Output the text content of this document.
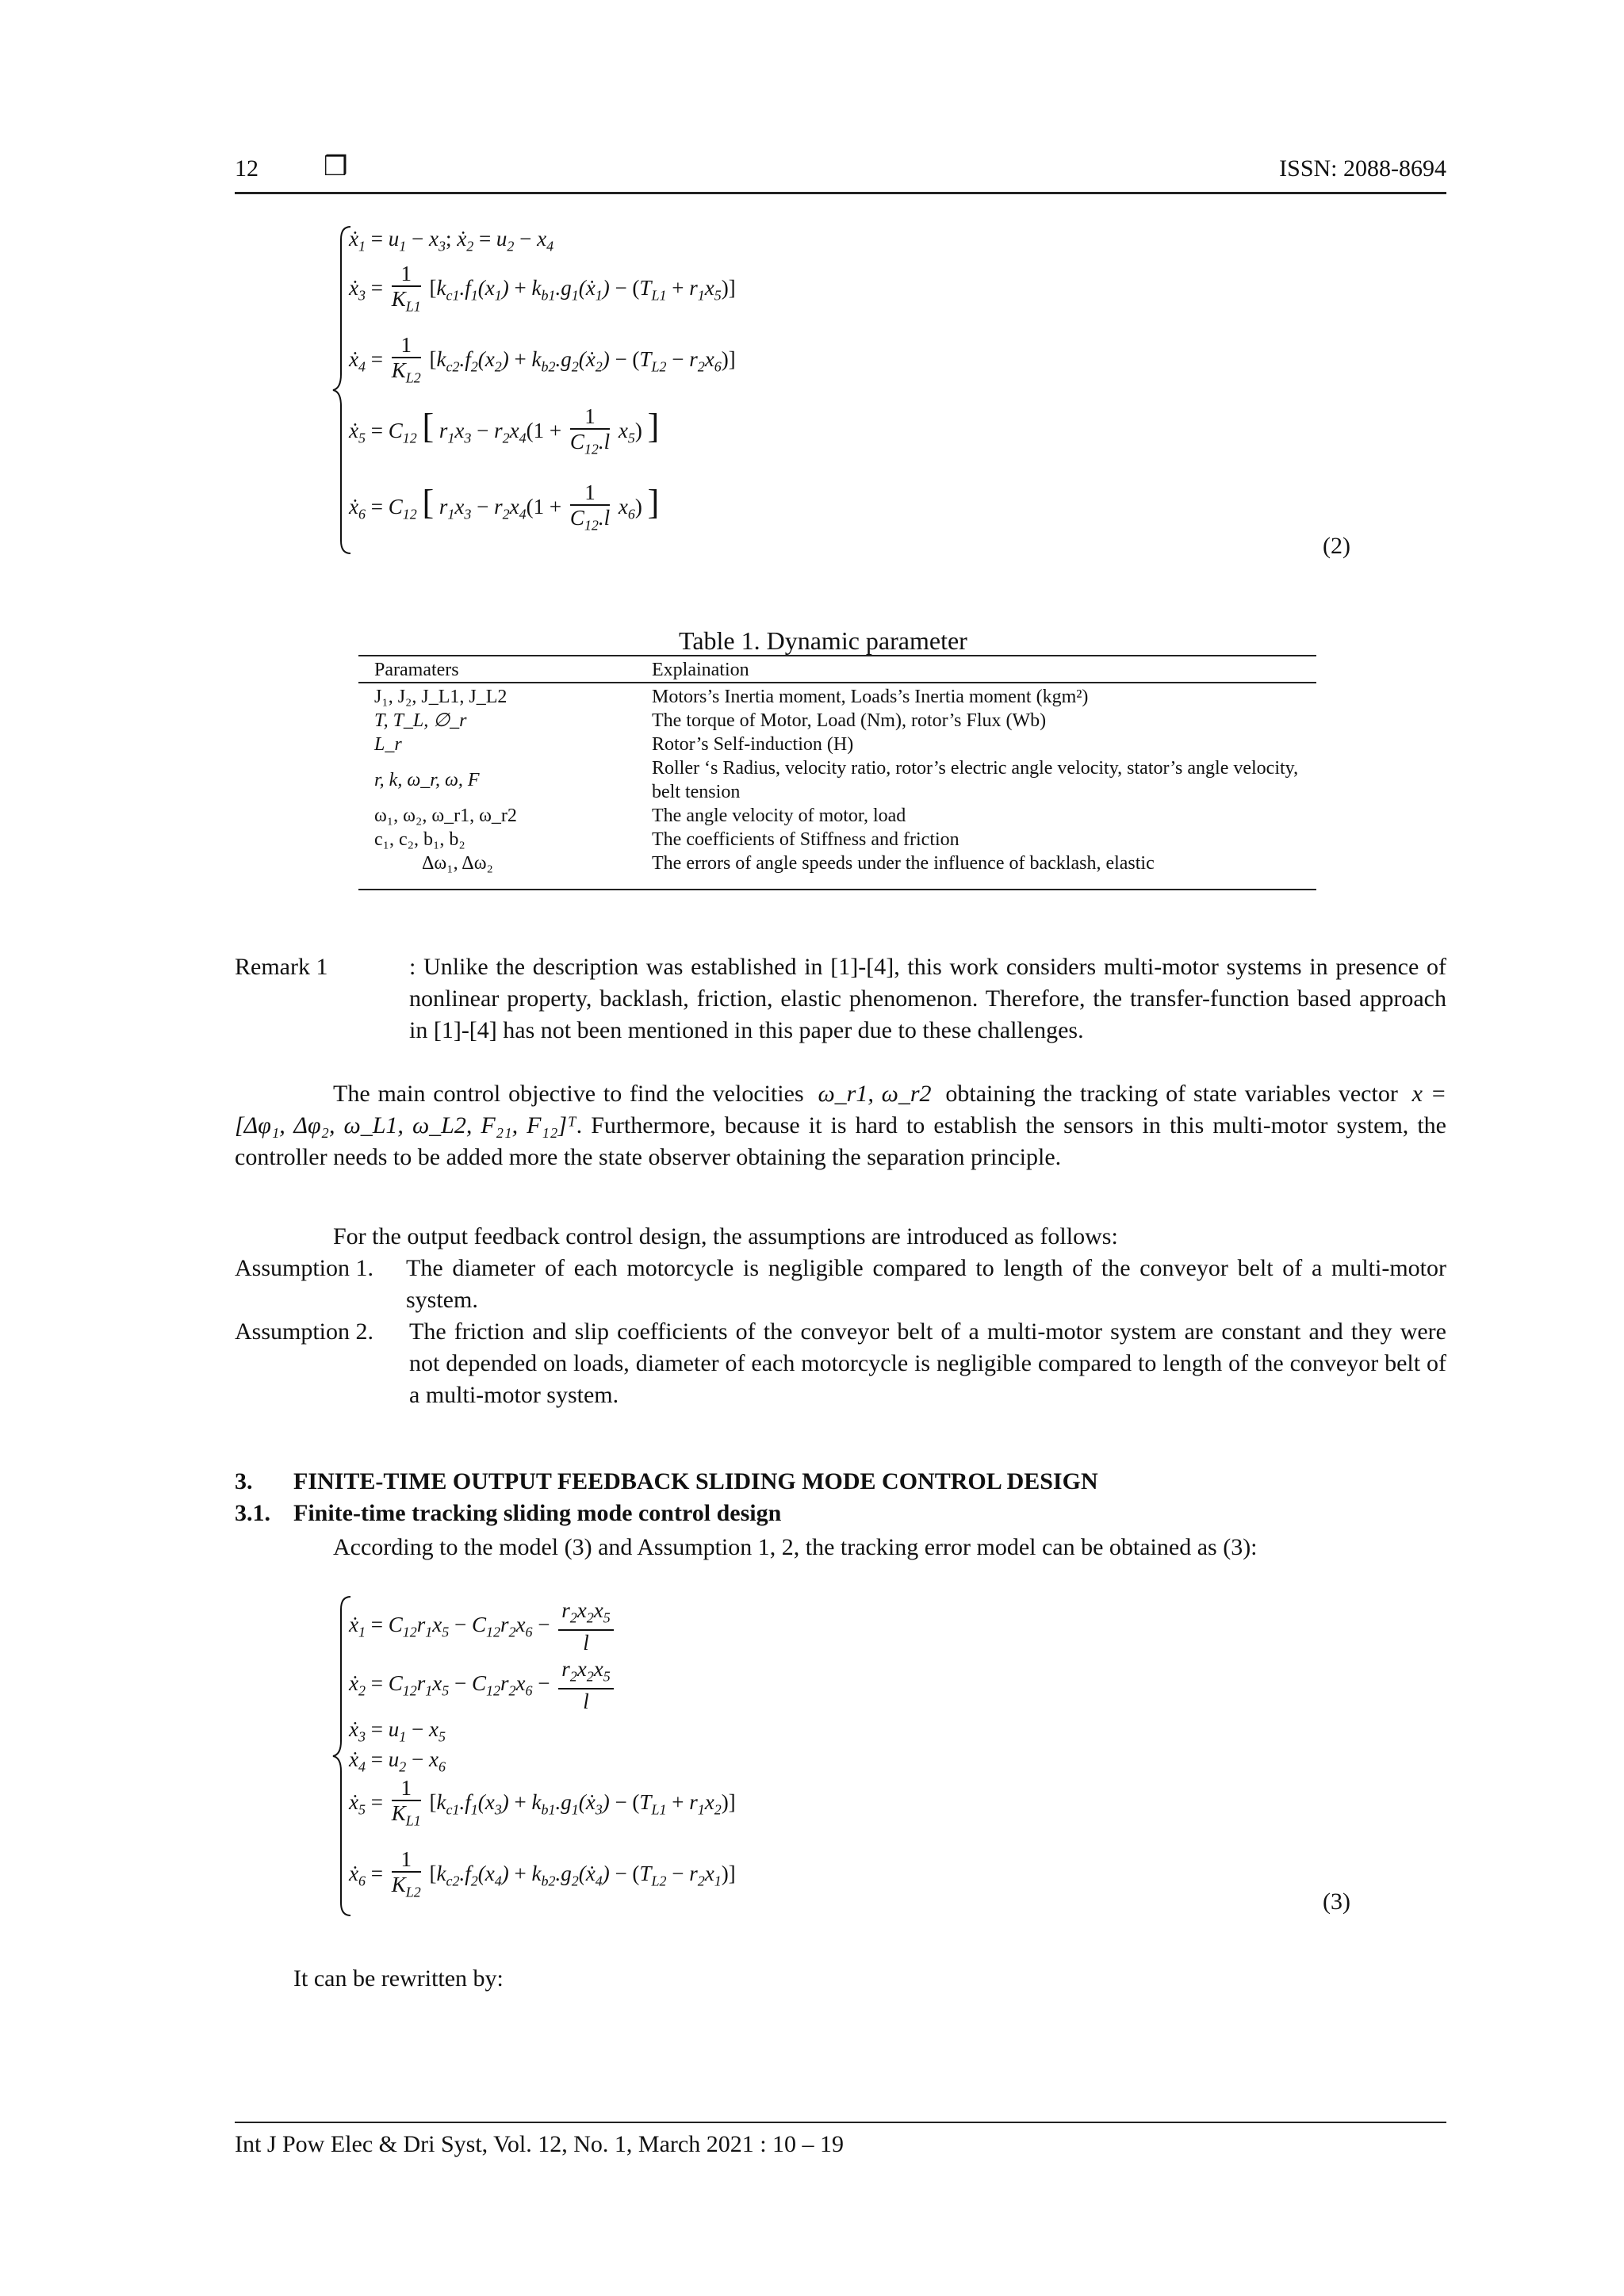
12 ❒	ISSN: 2088-8694
ẋ$_1$ = $u_1 - x_3$; ẋ$_2$ = $u_2 - x_4$
ẋ$_3$ = $\frac{1}{K_{L1}} [k_{c1}.f_1(x_1)$ + $k_{b1}.g_1(ẋ_1) - (T_{L1} + r_1x_5)$]
ẋ$_4$ = $\frac{1}{K_{L2}} [k_{c2}.f_2(x_2)$ + $k_{b2}.g_2(ẋ_2) - (T_{L2} - r_2x_6)$]
ẋ$_5$ = $C_{12}$ [ $r_1x_3 - r_2x_4(1 + \frac{1}{C_{12}.l} x_5)$ ]
ẋ$_6$ = $C_{12}$ [ $r_1x_3 - r_2x_4(1 + \frac{1}{C_{12}.l} x_6)$ ]
(2)
Table 1. Dynamic parameter
Paramaters	Explaination

J₁, J₂, J_L1, J_L2	Motors’s Inertia moment, Loads’s Inertia moment (kgm²)
T, T_L, ∅_r	The torque of Motor, Load (Nm), rotor’s Flux (Wb)
L_r	Rotor’s Self-induction (H)
r, k, ω_r, ω, F	Roller ‘s Radius, velocity ratio, rotor’s electric angle velocity, stator’s angle velocity, belt tension
ω₁, ω₂, ω_r1, ω_r2	The angle velocity of motor, load
c₁, c₂, b₁, b₂	The coefficients of Stiffness and friction
Δω₁, Δω₂	The errors of angle speeds under the influence of backlash, elastic
Remark 1	: Unlike the description was established in [1]-[4], this work considers multi-motor systems in presence of nonlinear property, backlash, friction, elastic phenomenon. Therefore, the transfer-function based approach in [1]-[4] has not been mentioned in this paper due to these challenges.
The main control objective to find the velocities ω_r1, ω_r2 obtaining the tracking of state variables vector x = [Δφ₁, Δφ₂, ω_L1, ω_L2, F₂₁, F₁₂]ᵀ. Furthermore, because it is hard to establish the sensors in this multi-motor system, the controller needs to be added more the state observer obtaining the separation principle.
For the output feedback control design, the assumptions are introduced as follows:
Assumption 1. The diameter of each motorcycle is negligible compared to length of the conveyor belt of a multi-motor system.
Assumption 2. The friction and slip coefficients of the conveyor belt of a multi-motor system are constant and they were not depended on loads, diameter of each motorcycle is negligible compared to length of the conveyor belt of a multi-motor system.
3. FINITE-TIME OUTPUT FEEDBACK SLIDING MODE CONTROL DESIGN
3.1. Finite-time tracking sliding mode control design
According to the model (3) and Assumption 1, 2, the tracking error model can be obtained as (3):
ẋ$_1$ = $C_{12}r_1x_5 - C_{12}r_2x_6 - \frac{r_2x_2x_5}{l}$
ẋ$_2$ = $C_{12}r_1x_5 - C_{12}r_2x_6 - \frac{r_2x_2x_5}{l}$
ẋ$_3$ = $u_1 - x_5$
ẋ$_4$ = $u_2 - x_6$
ẋ$_5$ = $\frac{1}{K_{L1}} [k_{c1}.f_1(x_3)$ + $k_{b1}.g_1(ẋ_3) - (T_{L1} + r_1x_2)$]
ẋ$_6$ = $\frac{1}{K_{L2}} [k_{c2}.f_2(x_4)$ + $k_{b2}.g_2(ẋ_4) - (T_{L2} - r_2x_1)$]
(3)
It can be rewritten by:
Int J Pow Elec & Dri Syst, Vol. 12, No. 1, March 2021 : 10 – 19
